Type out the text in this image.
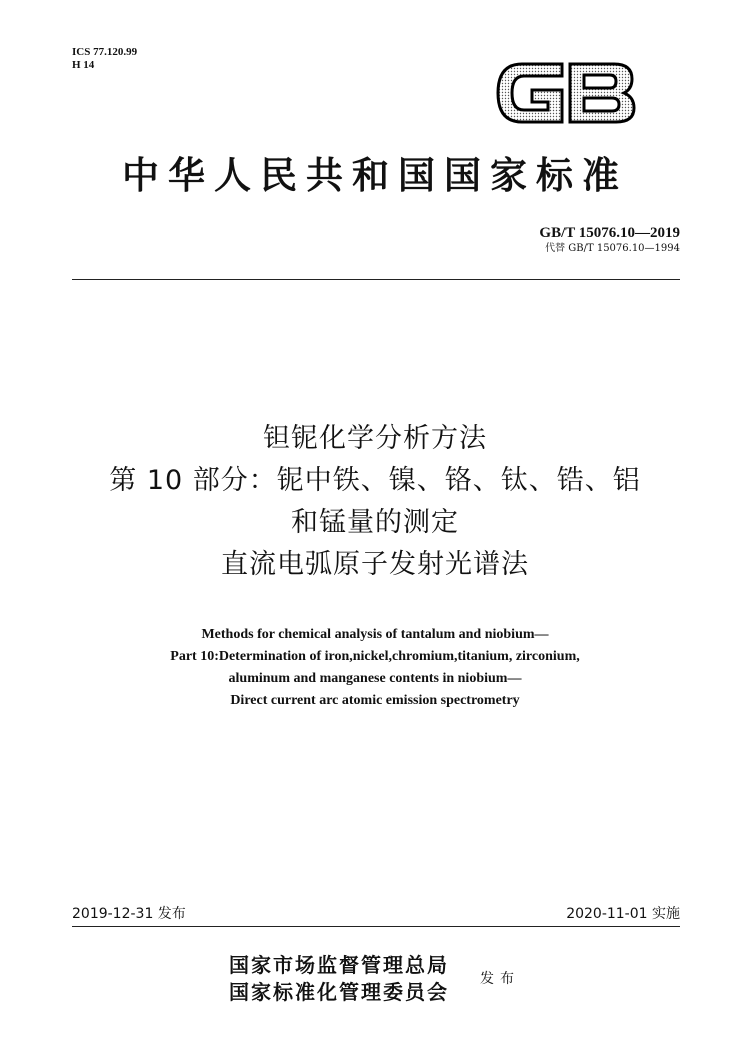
ICS 77.120.99
H 14
中华人民共和国国家标准
GB/T 15076.10—2019
代替 GB/T 15076.10—1994
钽铌化学分析方法
第 10 部分：铌中铁、镍、铬、钛、锆、铝
和锰量的测定
直流电弧原子发射光谱法
Methods for chemical analysis of tantalum and niobium—
Part 10:Determination of iron,nickel,chromium,titanium, zirconium,
aluminum and manganese contents in niobium—
Direct current arc atomic emission spectrometry
2019-12-31 发布	2020-11-01 实施
国家市场监督管理总局
国家标准化管理委员会
发布
